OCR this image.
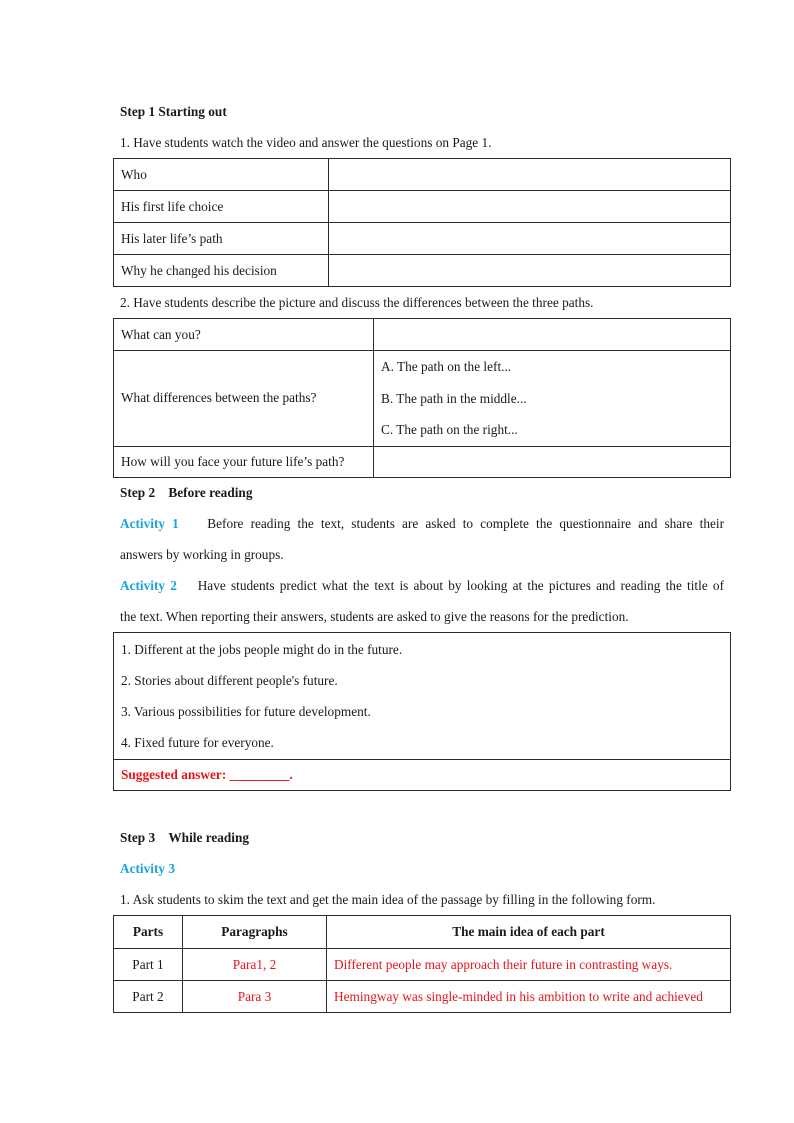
Step 1 Starting out
1. Have students watch the video and answer the questions on Page 1.
Who	
His first life choice	
His later life’s path	
Why he changed his decision	
2. Have students describe the picture and discuss the differences between the three paths.
What can you?	
What differences between the paths?	A. The path on the left...
B. The path in the middle...
C. The path on the right...

How will you face your future life’s path?	
Step 2    Before reading
Activity 1 Before reading the text, students are asked to complete the questionnaire and share their
answers by working in groups.
Activity 2 Have students predict what the text is about by looking at the pictures and reading the title of
the text. When reporting their answers, students are asked to give the reasons for the prediction.
1. Different at the jobs people might do in the future.
2. Stories about different people's future.
3. Various possibilities for future development.
4. Fixed future for everyone.
Suggested answer: _________.
Step 3    While reading
Activity 3
1. Ask students to skim the text and get the main idea of the passage by filling in the following form.
Parts	Paragraphs	The main idea of each part
Part 1	Para1, 2	Different people may approach their future in contrasting ways.
Part 2	Para 3	Hemingway was single-minded in his ambition to write and achieved
